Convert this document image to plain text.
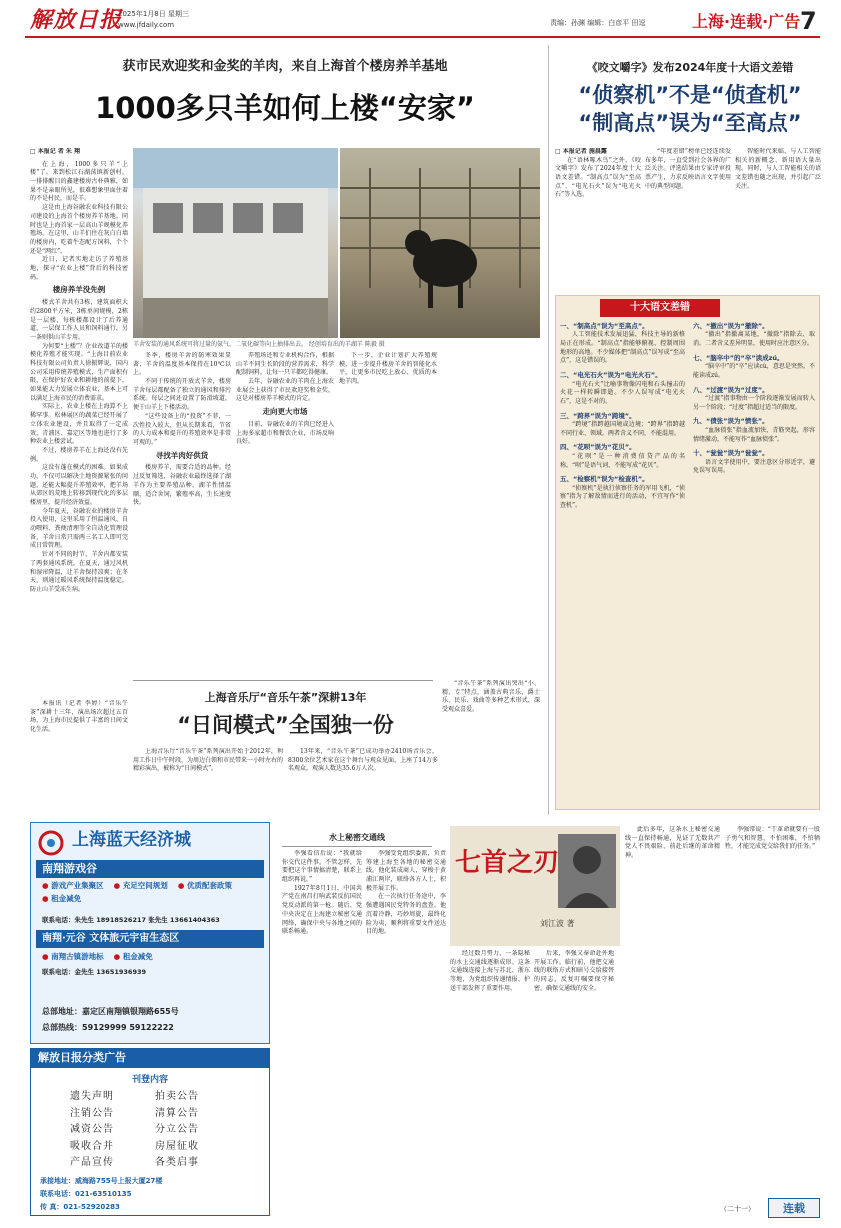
解放日报
2025年1月8日 星期三
www.jfdaily.com	责编：孙渊 编辑：白彦平 田逗	上海·连载·广告 7
获市民欢迎奖和金奖的羊肉，来自上海首个楼房养羊基地
1000多只羊如何上楼“安家”
□ 本报记 者 朱 翔

在上海，1000多只羊“上楼”了。来到松江石湖荡镇新创村，一排排醒目的鑫建楼房古朴典雅，如果不是亲眼所见，很难想象里面住着的不是村民，而是羊。

这是由上海谷融农业科技有限公司建设的上海首个楼房养羊基地。同时也是上海首家一层高山羊规模化养殖场。在这里，山羊们住在灰白白墙的楼房内，吃着牛态配方饲料，个个还是“网红”。

近日，记者实地走访了养殖基地，探寻“农业上楼”背后的科技密码。

楼房养羊没先例

楼式羊舍共有3栋，建筑面积大约2800平方米，3栋单间规模，2栋是一层楼，每栋楼都设计了后养通道，一层保工作人员和饲料通行，另一条则供山羊专用。

为何要“上楼”？企业改道羊的楼模化养殖才能实现。“上海目前农业科技有限公司负责人徐振辉说，国内公司采用传统养殖模式，生产面积有限，在保护好农业和耕地的前提下，如果能大力发展立体农业，基本上可以满足上海市民的消费需求。

实际上，农业上楼在上海算不上稀罕事。松林展区的蔬菜已经开展了立体农业建设，并且取得了一定成效，青浦区、嘉定区等地也进行了多种农业上楼尝试。

不过，楼房养羊在上海还没有先例。

这没有蓬在模式的困难。如果成功，不仅可以解决土地资源紧张的问题，还能大幅提升养殖效率，把羊场从郊区的荒地上转移到现代化的多层楼房里，提升经济效益。

今年夏天，谷融农业的楼房羊舍投入使用，这里采用了恒温通风、自动喂料、粪便清理等全自动化管理设备，羊舍日常只需两三名工人即可完成日常管理。

针对不同的时节，羊舍内都安装了两套通风系统。在夏天，通过风机和湿帘降温，让羊舍保持凉爽；在冬天，则通过暖风系统保持温度稳定，防止山羊受冻生病。

羊舍安装的通风系统可将过量的氨气、二氧化碳等向上抽排出去。 经创培育出的羊湖羊 陈毅 摄

冬季，楼房羊舍的防寒效果显著，羊舍的温度基本保持在10℃以上。

不同于传统的开放式羊舍，楼房羊舍每层都配备了独立的通风和排污系统。每层之间还设置了防滑坡道，便于山羊上下楼活动。

“这些设备上的“投资”不菲，一次性投入较大，但从长期来看，节省的人力成本和提升的养殖效率是非常可观的。”

寻找羊肉好供货

楼房养羊，需要合适的品种。经过反复筛选，谷融农业最终选择了湖羊作为主要养殖品种。湖羊性情温顺，适合舍饲，繁殖率高，生长速度快。

养殖场还和专业机构合作，根据山羊不同生长阶段的营养需求，科学配制饲料，让每一只羊都吃得健康。

去年，谷融农业的羊肉在上海农业展会上获得了市民欢迎奖和金奖，这是对楼房养羊模式的肯定。

走向更大市场

目前，谷融农业的羊肉已经进入上海多家超市和餐饮企业，市场反响良好。

下一步，企业计划扩大养殖规模，进一步提升楼房羊舍的智能化水平，让更多市民吃上放心、优质的本地羊肉。

上海音乐厅“音乐午茶”深耕13年
“日间模式”全国独一份

本报讯（记者 李婷）“音乐午茶”深耕十三年，演出场次超过五百场，为上海市民提供了丰富的日间文化生活。

上海音乐厅“音乐午茶”系列演出开始于2012年，利用工作日中午时段，为周边白领和市民带来一小时左右的精彩演出，被称为“日间模式”。

13年来，“音乐午茶”已成功举办2410场音乐会，8300余位艺术家在这个舞台与观众见面，上座了14万多名观众，观演人数达35.6万人次。

“音乐午茶”系列演出突出“小、精、专”特点，涵盖古典音乐、爵士乐、民乐、戏曲等多种艺术形式，深受观众喜爱。

《咬文嚼字》发布2024年度十大语文差错
“侦察机”不是“侦查机”
“制高点”误为“至高点”
□ 本报记者 施晨露

在“语林啄木鸟”之外，《咬文嚼字》发布了2024年度十大语文差错。“制高点”误为“至高点”、“电光石火”误为“电光火石”等入选。

“年度差错”榜单已经连续发布多年，一直受到社会各界的广泛关注。评选结果由专家评审投票产生，力求反映语言文字使用中的典型问题。

智能时代来临，与人工智能相关的新概念、新用语大量出现。同时，与人工智能相关的语文差错也随之出现，并引起广泛关注。

十大语文差错
一、“制高点”误为“至高点”。

人工智能技术发展迅猛，科技主导的新格局正在形成。“制高点”指能够俯视、控制周围地形的高地。不少媒体把“制高点”误写成“至高点”，这是错误的。

二、“电光石火”误为“电光火石”。

“电光石火”比喻事物像闪电和石头撞击的火花一样转瞬即逝。不少人误写成“电光火石”，这是不对的。

三、“跨界”误为“跨境”。

“跨境”指跨越国境或边境；“跨界”指跨越不同行业、领域。两者含义不同，不能混用。

四、“花呗”误为“花贝”。

“花呗”是一种消费信贷产品的名称，“呗”是语气词，不能写成“花贝”。

五、“检察机”误为“检查机”。

“侦察机”是执行侦察任务的军用飞机，“侦察”指为了解敌情而进行的活动，不宜写作“侦查机”。

六、“撤出”误为“撤除”。

“撤出”指撤离某地，“撤除”指除去、取消。二者含义差异明显，使用时应注意区分。

七、“脑卒中”的“卒”读成zú。

“脑卒中”的“卒”应读cù，意思是突然。不能读成zú。

八、“过渡”误为“过度”。

“过渡”指事物由一个阶段逐渐发展而转入另一个阶段；“过度”指超过适当的限度。

九、“偾张”误为“愤张”。

“血脉偾张”指血流加快，青筋突起，形容情绪激动，不能写作“血脉愤张”。

十、“瓮瓮”误为“瓮瓮”。

语言文字使用中，要注意区分形近字，避免误写误用。

上海蓝天经济城
南翔游戏谷
● 游戏产业集聚区 ● 充足空间规划 ● 优质配套政策
● 租金减免
联系电话：朱先生 18918526217 张先生 13661404363
南翔·元谷 文体旅元宇宙生态区
● 南翔古镇游地标 ● 租金减免
联系电话：金先生 13651936939
总部地址：嘉定区南翔镇银翔路655号
总部热线：59129999 59122222
解放日报分类广告
刊登内容
遗失声明	拍卖公告
注销公告	清算公告
减资公告	分立公告
吸收合并	房屋征收
产品宣传	各类启事
承接地址：威海路755号上报大厦27楼
联系电话：021-63510135
传 真：021-52920283
七首之刃
刘江波 著
水上秘密交通线

李强看信后说：“我就给你交代这件事。不管怎样，先要把这个事情搞清楚，联系上组织再说。”

1927年8月1日，中国共产党在南昌打响武装反抗国民党反动派的第一枪。随后，党中央决定在上海建立秘密交通网络，确保中央与各地之间的联系畅通。

李强受党组织委派，负责筹建上海至各地的秘密交通线。他化装成商人，穿梭于黄浦江两岸，联络各方人士，积极开展工作。

在一次执行任务途中，李强遭遇国民党特务的盘查。他沉着冷静，巧妙周旋，最终化险为夷，顺利将重要文件送达目的地。

经过数月努力，一条隐秘的水上交通线逐渐成形。这条交通线连接上海与苏北、浙东等地，为党组织传递情报、护送干部发挥了重要作用。

后来，李强又奉命赴外地开展工作。临行前，他把交通线的联络方式和暗号交给接替的同志，反复叮嘱要保守秘密，确保交通线的安全。

此后多年，这条水上秘密交通线一直保持畅通，见证了无数共产党人不畏艰险、前赴后继的革命精神。

李强常说：“干革命就要有一股子勇气和智慧，不怕困难，不怕牺牲，才能完成党交给我们的任务。”

（二十一）	连载
